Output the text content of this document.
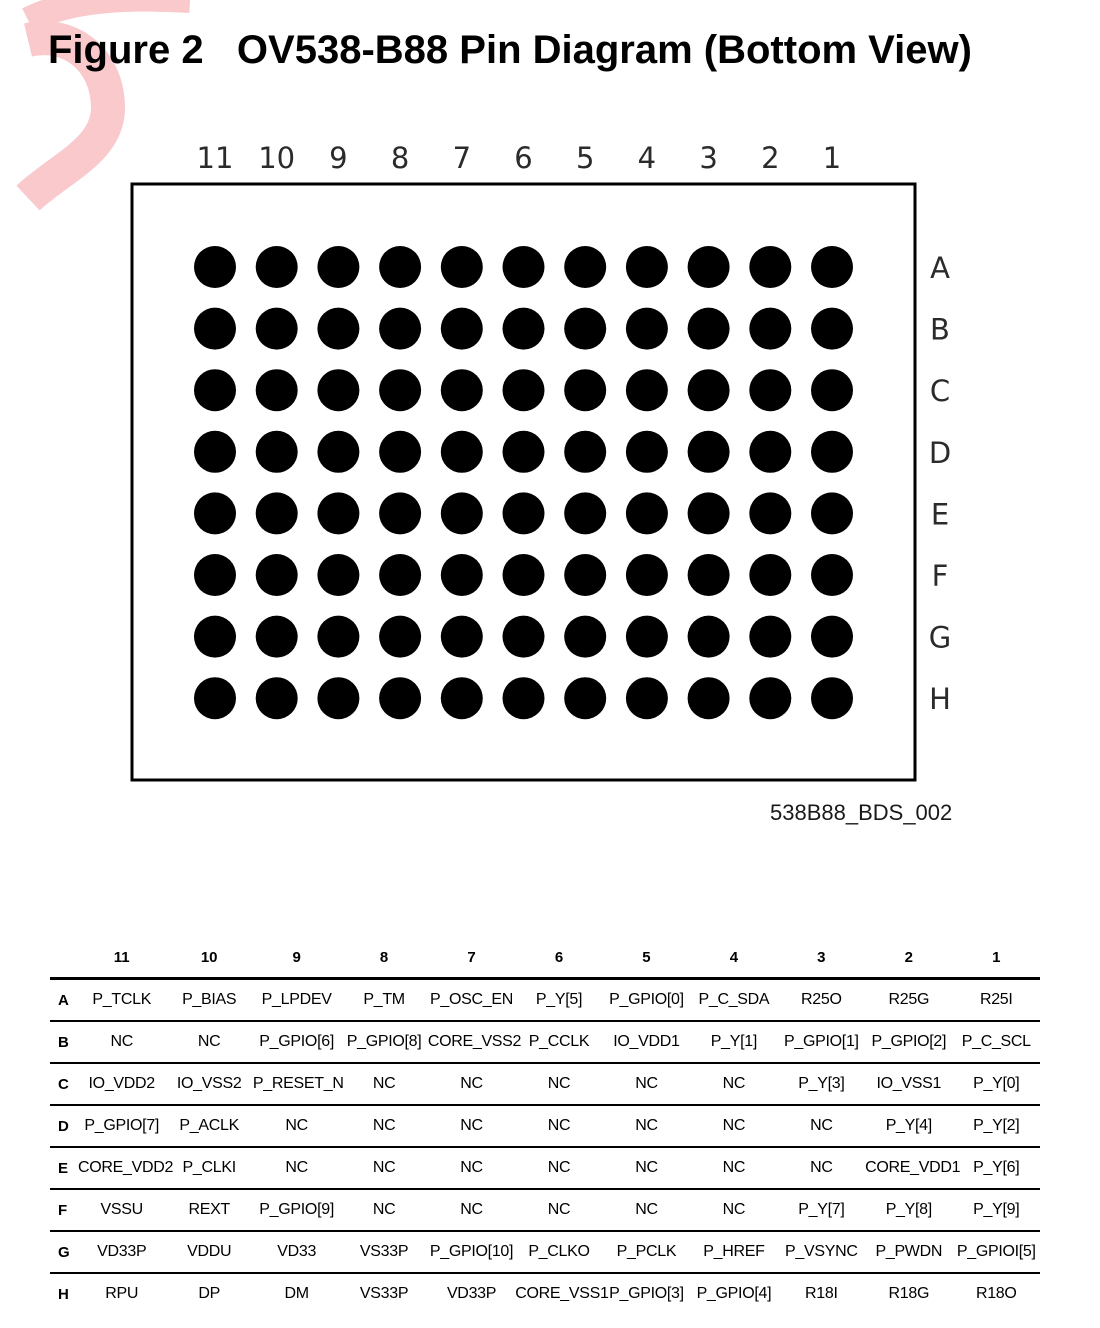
Figure 2   OV538-B88 Pin Diagram (Bottom View)
11 10 9 8 7 6 5 4 3 2 1
A
B
C
D
E
F
G
H
538B88_BDS_002
	11	10	9	8	7	6	5	4	3	2	1
A	P_TCLK	P_BIAS	P_LPDEV	P_TM	P_OSC_EN	P_Y[5]	P_GPIO[0]	P_C_SDA	R25O	R25G	R25I
B	NC	NC	P_GPIO[6]	P_GPIO[8]	CORE_VSS2	P_CCLK	IO_VDD1	P_Y[1]	P_GPIO[1]	P_GPIO[2]	P_C_SCL
C	IO_VDD2	IO_VSS2	P_RESET_N	NC	NC	NC	NC	NC	P_Y[3]	IO_VSS1	P_Y[0]
D	P_GPIO[7]	P_ACLK	NC	NC	NC	NC	NC	NC	NC	P_Y[4]	P_Y[2]
E	CORE_VDD2	P_CLKI	NC	NC	NC	NC	NC	NC	NC	CORE_VDD1	P_Y[6]
F	VSSU	REXT	P_GPIO[9]	NC	NC	NC	NC	NC	P_Y[7]	P_Y[8]	P_Y[9]
G	VD33P	VDDU	VD33	VS33P	P_GPIO[10]	P_CLKO	P_PCLK	P_HREF	P_VSYNC	P_PWDN	P_GPIOI[5]
H	RPU	DP	DM	VS33P	VD33P	CORE_VSS1	P_GPIO[3]	P_GPIO[4]	R18I	R18G	R18O
